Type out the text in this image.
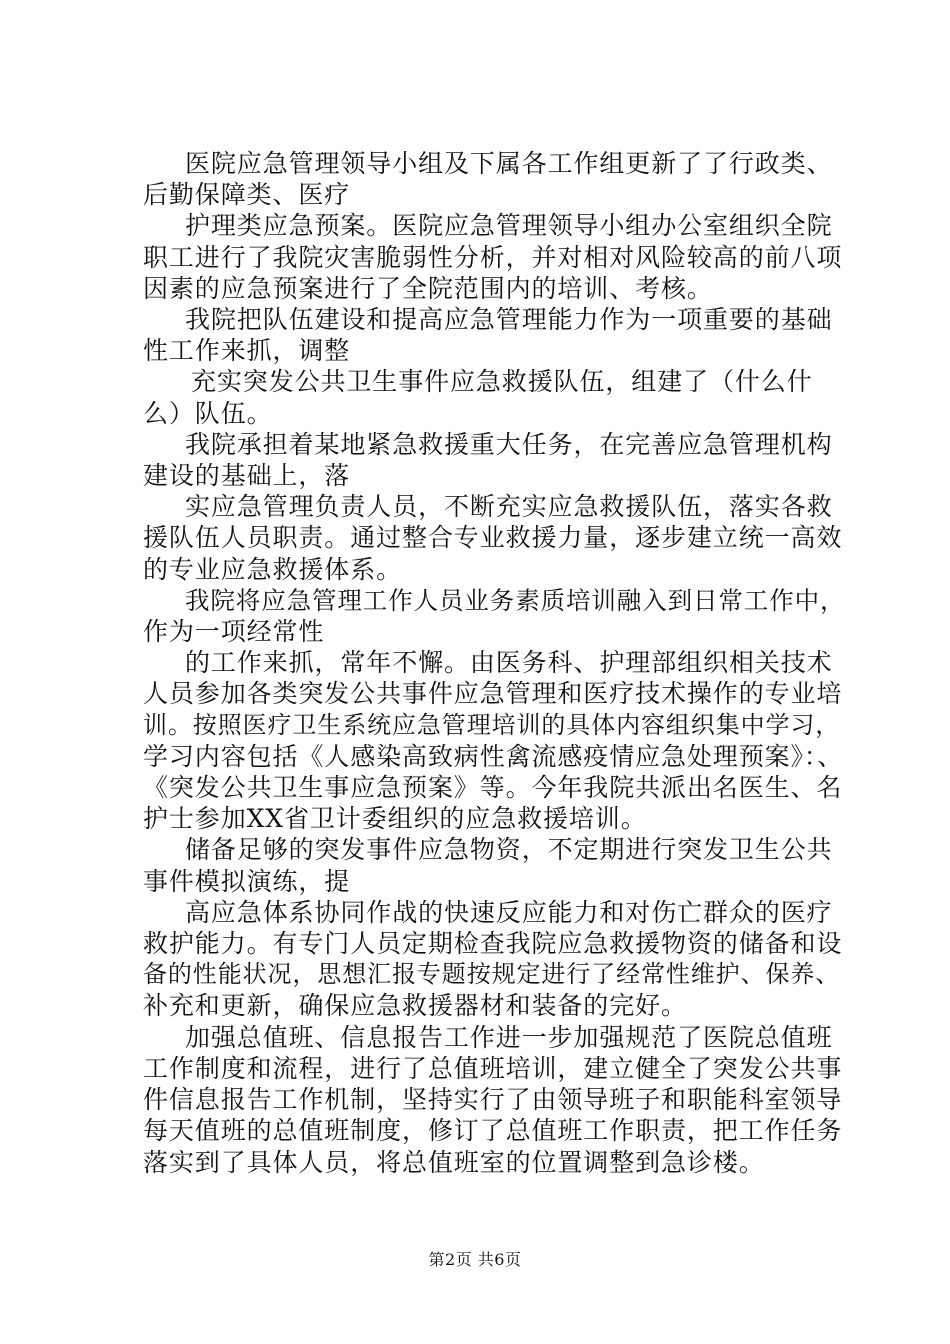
医院应急管理领导小组及下属各工作组更新了了行政类、
后勤保障类、医疗
护理类应急预案。医院应急管理领导小组办公室组织全院
职工进行了我院灾害脆弱性分析，并对相对风险较高的前八项
因素的应急预案进行了全院范围内的培训、考核。
我院把队伍建设和提高应急管理能力作为一项重要的基础
性工作来抓，调整
充实突发公共卫生事件应急救援队伍，组建了（什么什
么）队伍。
我院承担着某地紧急救援重大任务，在完善应急管理机构
建设的基础上，落
实应急管理负责人员，不断充实应急救援队伍，落实各救
援队伍人员职责。通过整合专业救援力量，逐步建立统一高效
的专业应急救援体系。
我院将应急管理工作人员业务素质培训融入到日常工作中，
作为一项经常性
的工作来抓，常年不懈。由医务科、护理部组织相关技术
人员参加各类突发公共事件应急管理和医疗技术操作的专业培
训。按照医疗卫生系统应急管理培训的具体内容组织集中学习，
学习内容包括《人感染高致病性禽流感疫情应急处理预案》：、
《突发公共卫生事应急预案》等。今年我院共派出名医生、名
护士参加XX省卫计委组织的应急救援培训。
储备足够的突发事件应急物资，不定期进行突发卫生公共
事件模拟演练，提
高应急体系协同作战的快速反应能力和对伤亡群众的医疗
救护能力。有专门人员定期检查我院应急救援物资的储备和设
备的性能状况，思想汇报专题按规定进行了经常性维护、保养、
补充和更新，确保应急救援器材和装备的完好。
加强总值班、信息报告工作进一步加强规范了医院总值班
工作制度和流程，进行了总值班培训，建立健全了突发公共事
件信息报告工作机制，坚持实行了由领导班子和职能科室领导
每天值班的总值班制度，修订了总值班工作职责，把工作任务
落实到了具体人员，将总值班室的位置调整到急诊楼。
第2页 共6页
